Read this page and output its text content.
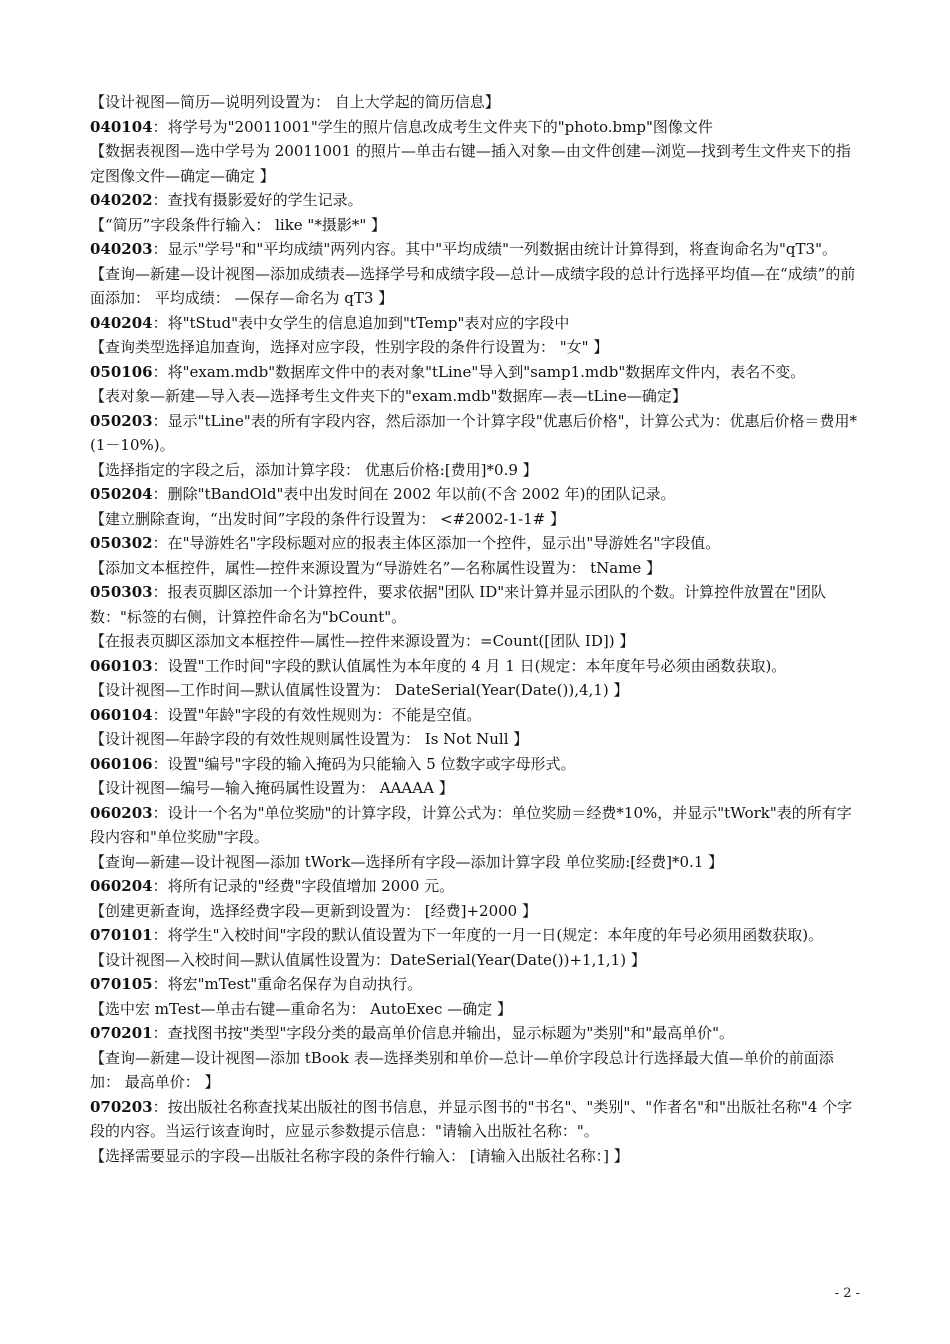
【设计视图—简历—说明列设置为： 自上大学起的简历信息】

040104：将学号为"20011001"学生的照片信息改成考生文件夹下的"photo.bmp"图像文件

【数据表视图—选中学号为 20011001 的照片—单击右键—插入对象—由文件创建—浏览—找到考生文件夹下的指定图像文件—确定—确定 】

040202：查找有摄影爱好的学生记录。

【“简历”字段条件行输入： like "*摄影*" 】

040203：显示"学号"和"平均成绩"两列内容。其中"平均成绩"一列数据由统计计算得到，将查询命名为"qT3"。

【查询—新建—设计视图—添加成绩表—选择学号和成绩字段—总计—成绩字段的总计行选择平均值—在“成绩”的前面添加： 平均成绩： —保存—命名为 qT3 】

040204：将"tStud"表中女学生的信息追加到"tTemp"表对应的字段中

【查询类型选择追加查询，选择对应字段，性别字段的条件行设置为： "女" 】

050106：将"exam.mdb"数据库文件中的表对象"tLine"导入到"samp1.mdb"数据库文件内，表名不变。

【表对象—新建—导入表—选择考生文件夹下的"exam.mdb"数据库—表—tLine—确定】

050203：显示"tLine"表的所有字段内容，然后添加一个计算字段"优惠后价格"，计算公式为：优惠后价格＝费用*(1－10%)。

【选择指定的字段之后，添加计算字段： 优惠后价格:[费用]*0.9 】

050204：删除"tBandOld"表中出发时间在 2002 年以前(不含 2002 年)的团队记录。

【建立删除查询，“出发时间”字段的条件行设置为： <#2002-1-1# 】

050302：在"导游姓名"字段标题对应的报表主体区添加一个控件，显示出"导游姓名"字段值。

【添加文本框控件，属性—控件来源设置为“导游姓名”—名称属性设置为： tName 】

050303：报表页脚区添加一个计算控件，要求依据"团队 ID"来计算并显示团队的个数。计算控件放置在"团队数："标签的右侧，计算控件命名为"bCount"。

【在报表页脚区添加文本框控件—属性—控件来源设置为：=Count([团队 ID]) 】

060103：设置"工作时间"字段的默认值属性为本年度的 4 月 1 日(规定：本年度年号必须由函数获取)。

【设计视图—工作时间—默认值属性设置为： DateSerial(Year(Date()),4,1) 】

060104：设置"年龄"字段的有效性规则为：不能是空值。

【设计视图—年龄字段的有效性规则属性设置为： Is Not Null 】

060106：设置"编号"字段的输入掩码为只能输入 5 位数字或字母形式。

【设计视图—编号—输入掩码属性设置为： AAAAA 】

060203：设计一个名为"单位奖励"的计算字段，计算公式为：单位奖励＝经费*10%，并显示"tWork"表的所有字段内容和"单位奖励"字段。

【查询—新建—设计视图—添加 tWork—选择所有字段—添加计算字段 单位奖励:[经费]*0.1 】

060204：将所有记录的"经费"字段值增加 2000 元。

【创建更新查询，选择经费字段—更新到设置为： [经费]+2000 】

070101：将学生"入校时间"字段的默认值设置为下一年度的一月一日(规定：本年度的年号必须用函数获取)。

【设计视图—入校时间—默认值属性设置为：DateSerial(Year(Date())+1,1,1) 】

070105：将宏"mTest"重命名保存为自动执行。

【选中宏 mTest—单击右键—重命名为： AutoExec —确定 】

070201：查找图书按"类型"字段分类的最高单价信息并输出，显示标题为"类别"和"最高单价"。

【查询—新建—设计视图—添加 tBook 表—选择类别和单价—总计—单价字段总计行选择最大值—单价的前面添加： 最高单价： 】

070203：按出版社名称查找某出版社的图书信息，并显示图书的"书名"、"类别"、"作者名"和"出版社名称"4 个字段的内容。当运行该查询时，应显示参数提示信息："请输入出版社名称："。

【选择需要显示的字段—出版社名称字段的条件行输入： [请输入出版社名称：] 】

- 2 -
